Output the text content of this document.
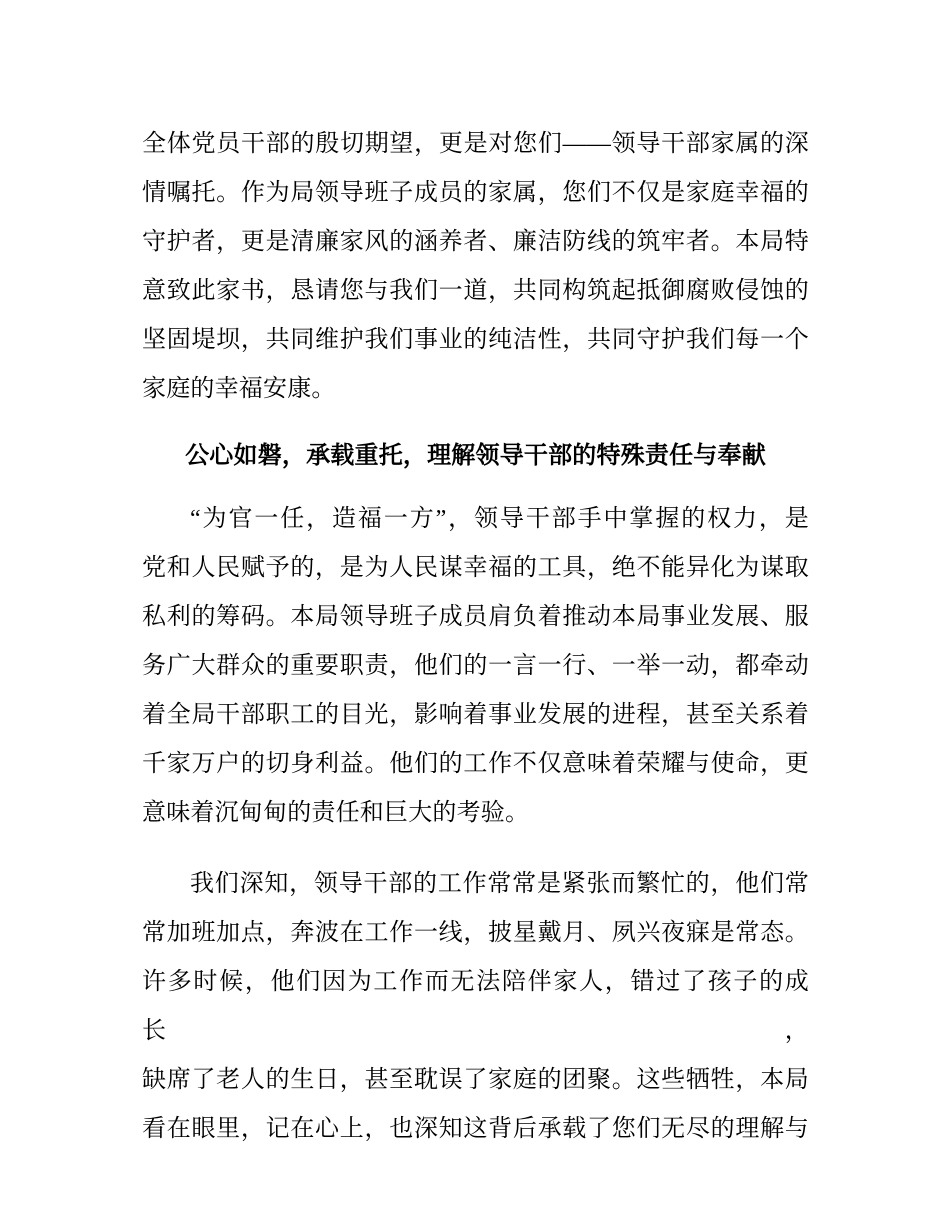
全体党员干部的殷切期望，更是对您们——领导干部家属的深
情嘱托。作为局领导班子成员的家属，您们不仅是家庭幸福的
守护者，更是清廉家风的涵养者、廉洁防线的筑牢者。本局特
意致此家书，恳请您与我们一道，共同构筑起抵御腐败侵蚀的
坚固堤坝，共同维护我们事业的纯洁性，共同守护我们每一个
家庭的幸福安康。
公心如磐，承载重托，理解领导干部的特殊责任与奉献
“为官一任，造福一方”，领导干部手中掌握的权力，是
党和人民赋予的，是为人民谋幸福的工具，绝不能异化为谋取
私利的筹码。本局领导班子成员肩负着推动本局事业发展、服
务广大群众的重要职责，他们的一言一行、一举一动，都牵动
着全局干部职工的目光，影响着事业发展的进程，甚至关系着
千家万户的切身利益。他们的工作不仅意味着荣耀与使命，更
意味着沉甸甸的责任和巨大的考验。
我们深知，领导干部的工作常常是紧张而繁忙的，他们常
常加班加点，奔波在工作一线，披星戴月、夙兴夜寐是常态。
许多时候，他们因为工作而无法陪伴家人，错过了孩子的成长，
缺席了老人的生日，甚至耽误了家庭的团聚。这些牺牲，本局
看在眼里，记在心上，也深知这背后承载了您们无尽的理解与
